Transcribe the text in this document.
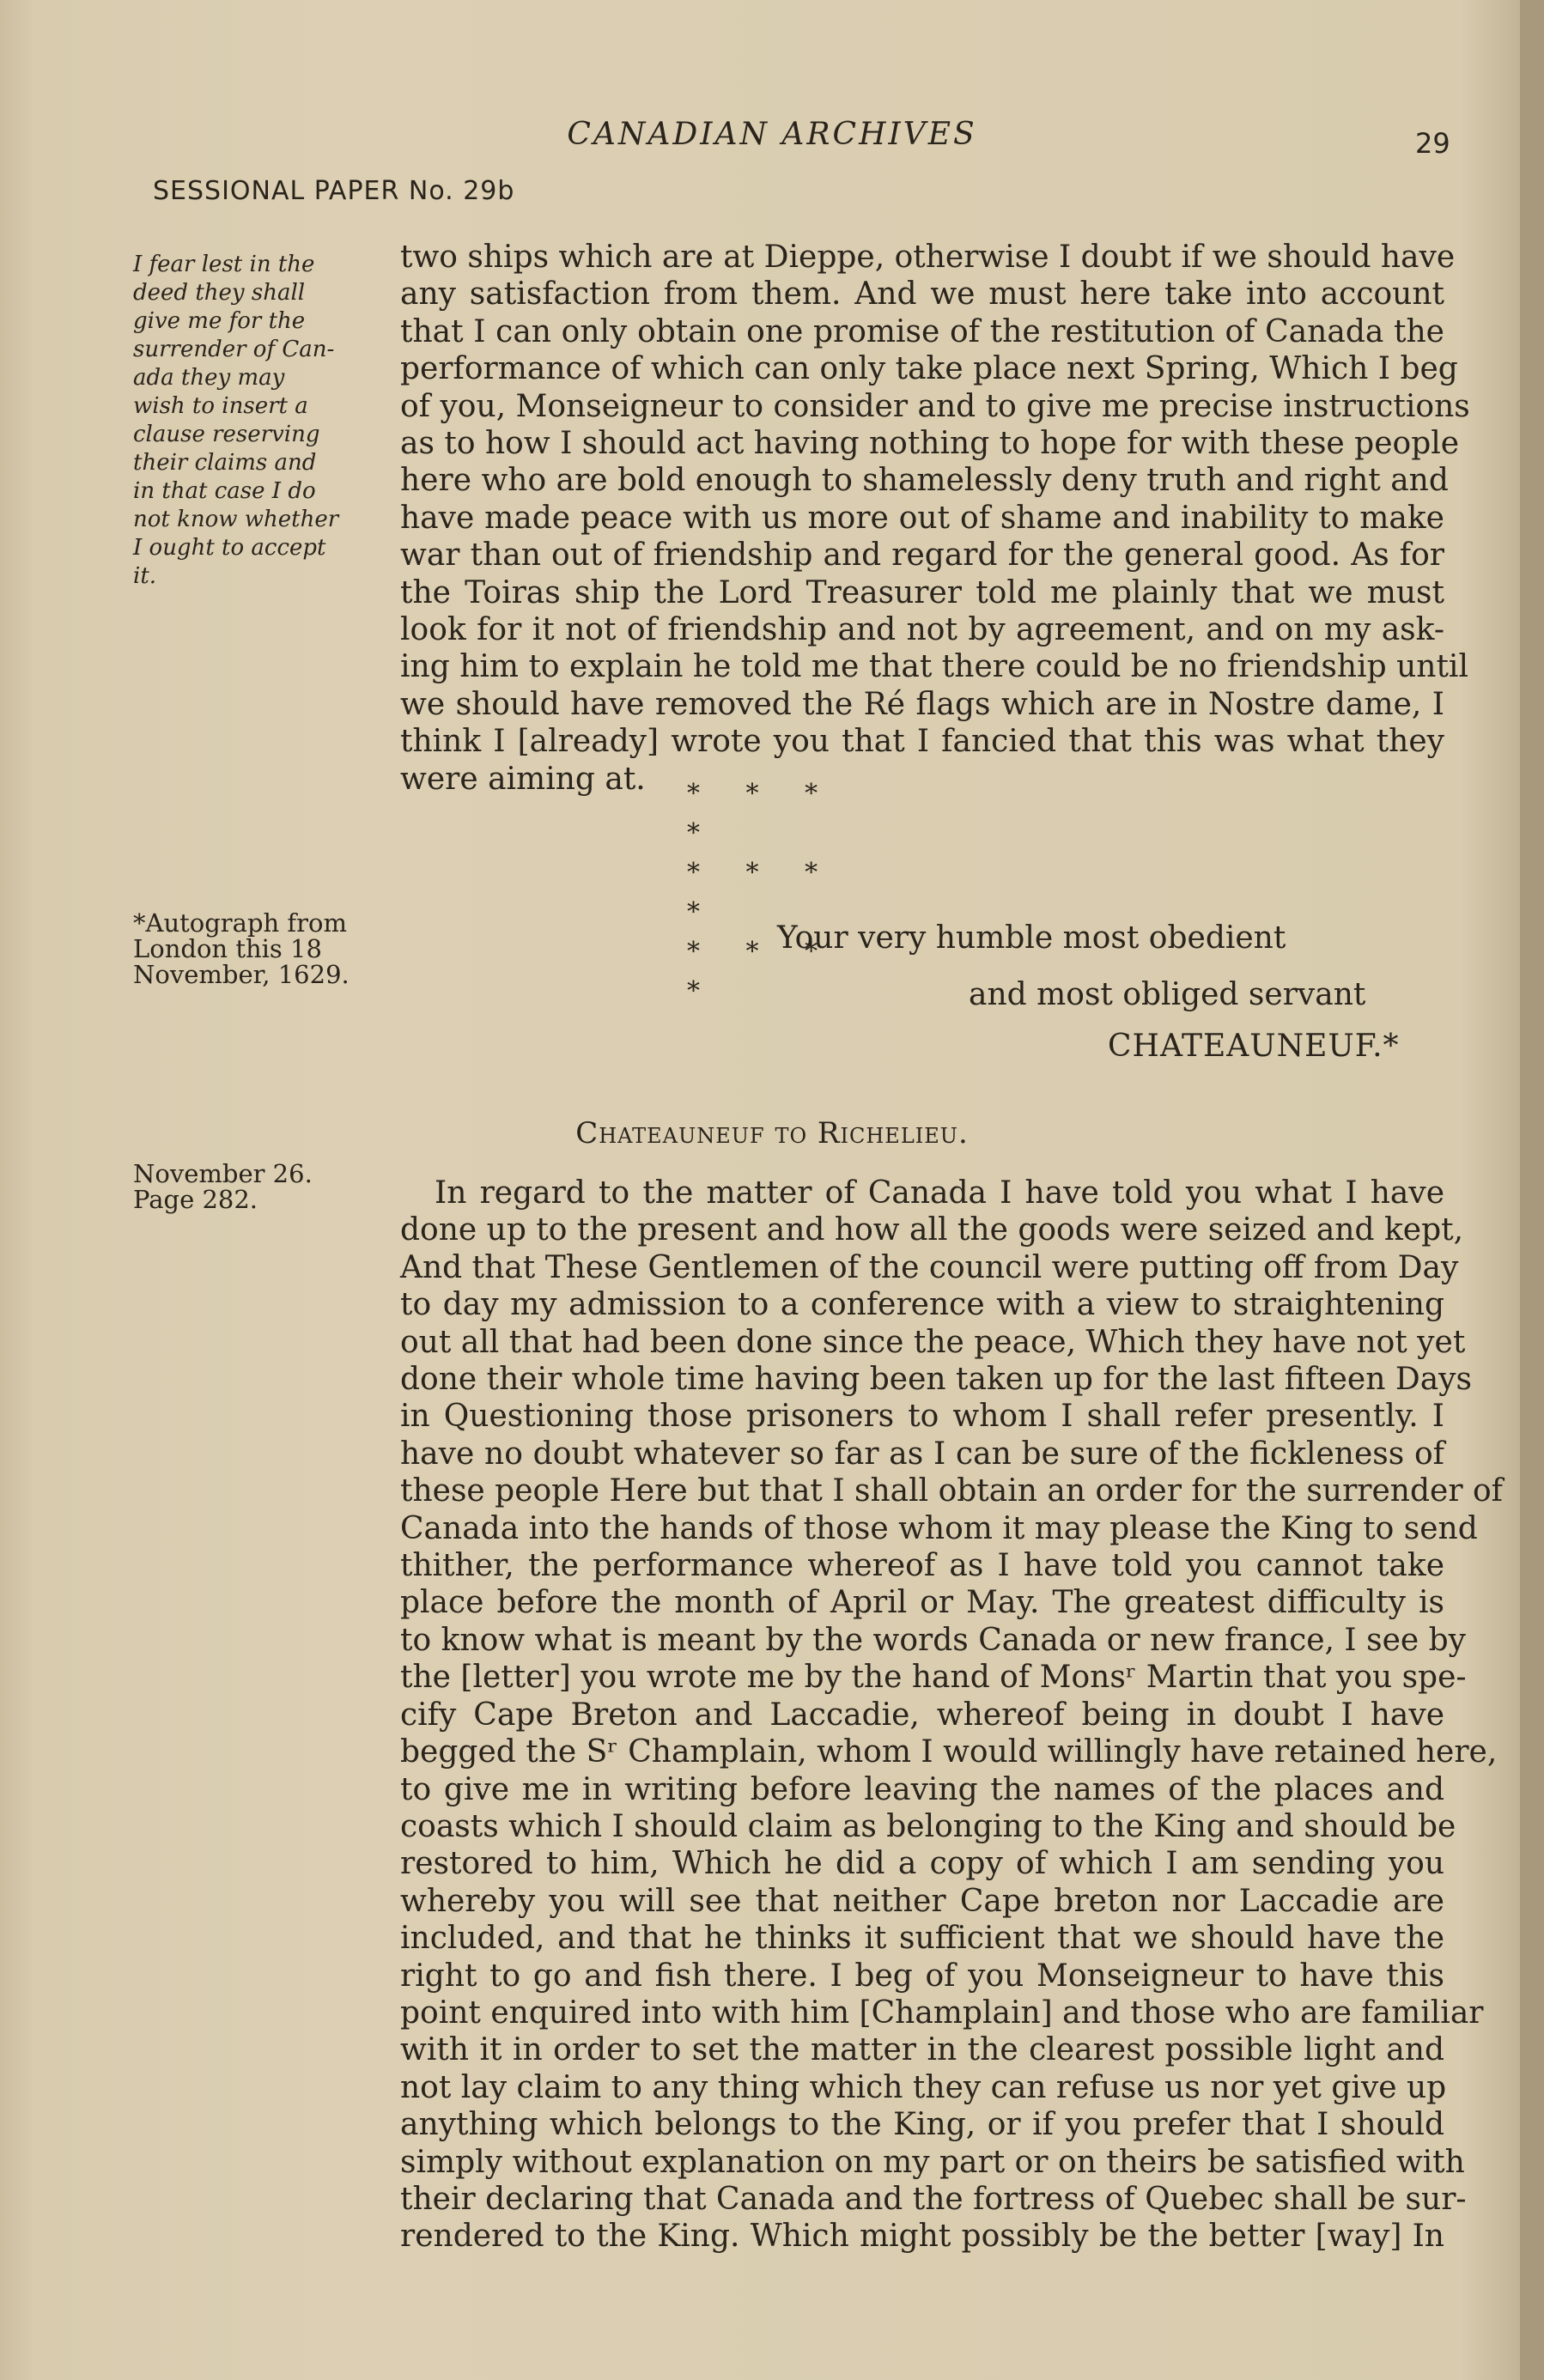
CANADIAN ARCHIVES	29
SESSIONAL PAPER No. 29b
I fear lest in the
deed they shall
give me for the
surrender of Can-
ada they may
wish to insert a
clause reserving
their claims and
in that case I do
not know whether
I ought to accept
it.
*Autograph from
London this 18
November, 1629.
November 26.
Page 282.
two ships which are at Dieppe, otherwise I doubt if we should have
any satisfaction from them. And we must here take into account
that I can only obtain one promise of the restitution of Canada the
performance of which can only take place next Spring, Which I beg
of you, Monseigneur to consider and to give me precise instructions
as to how I should act having nothing to hope for with these people
here who are bold enough to shamelessly deny truth and right and
have made peace with us more out of shame and inability to make
war than out of friendship and regard for the general good. As for
the Toiras ship the Lord Treasurer told me plainly that we must
look for it not of friendship and not by agreement, and on my ask-
ing him to explain he told me that there could be no friendship until
we should have removed the Ré flags which are in Nostre dame, I
think I [already] wrote you that I fancied that this was what they
were aiming at.	* * * *
* * * *
* * * *
Your very humble most obedient
and most obliged servant
CHATEAUNEUF.*
Chateauneuf to Richelieu.
In regard to the matter of Canada I have told you what I have
done up to the present and how all the goods were seized and kept,
And that These Gentlemen of the council were putting off from Day
to day my admission to a conference with a view to straightening
out all that had been done since the peace, Which they have not yet
done their whole time having been taken up for the last fifteen Days
in Questioning those prisoners to whom I shall refer presently. I
have no doubt whatever so far as I can be sure of the fickleness of
these people Here but that I shall obtain an order for the surrender of
Canada into the hands of those whom it may please the King to send
thither, the performance whereof as I have told you cannot take
place before the month of April or May. The greatest difficulty is
to know what is meant by the words Canada or new france, I see by
the [letter] you wrote me by the hand of Monsʳ Martin that you spe-
cify Cape Breton and Laccadie, whereof being in doubt I have
begged the Sʳ Champlain, whom I would willingly have retained here,
to give me in writing before leaving the names of the places and
coasts which I should claim as belonging to the King and should be
restored to him, Which he did a copy of which I am sending you
whereby you will see that neither Cape breton nor Laccadie are
included, and that he thinks it sufficient that we should have the
right to go and fish there. I beg of you Monseigneur to have this
point enquired into with him [Champlain] and those who are familiar
with it in order to set the matter in the clearest possible light and
not lay claim to any thing which they can refuse us nor yet give up
anything which belongs to the King, or if you prefer that I should
simply without explanation on my part or on theirs be satisfied with
their declaring that Canada and the fortress of Quebec shall be sur-
rendered to the King. Which might possibly be the better [way] In
